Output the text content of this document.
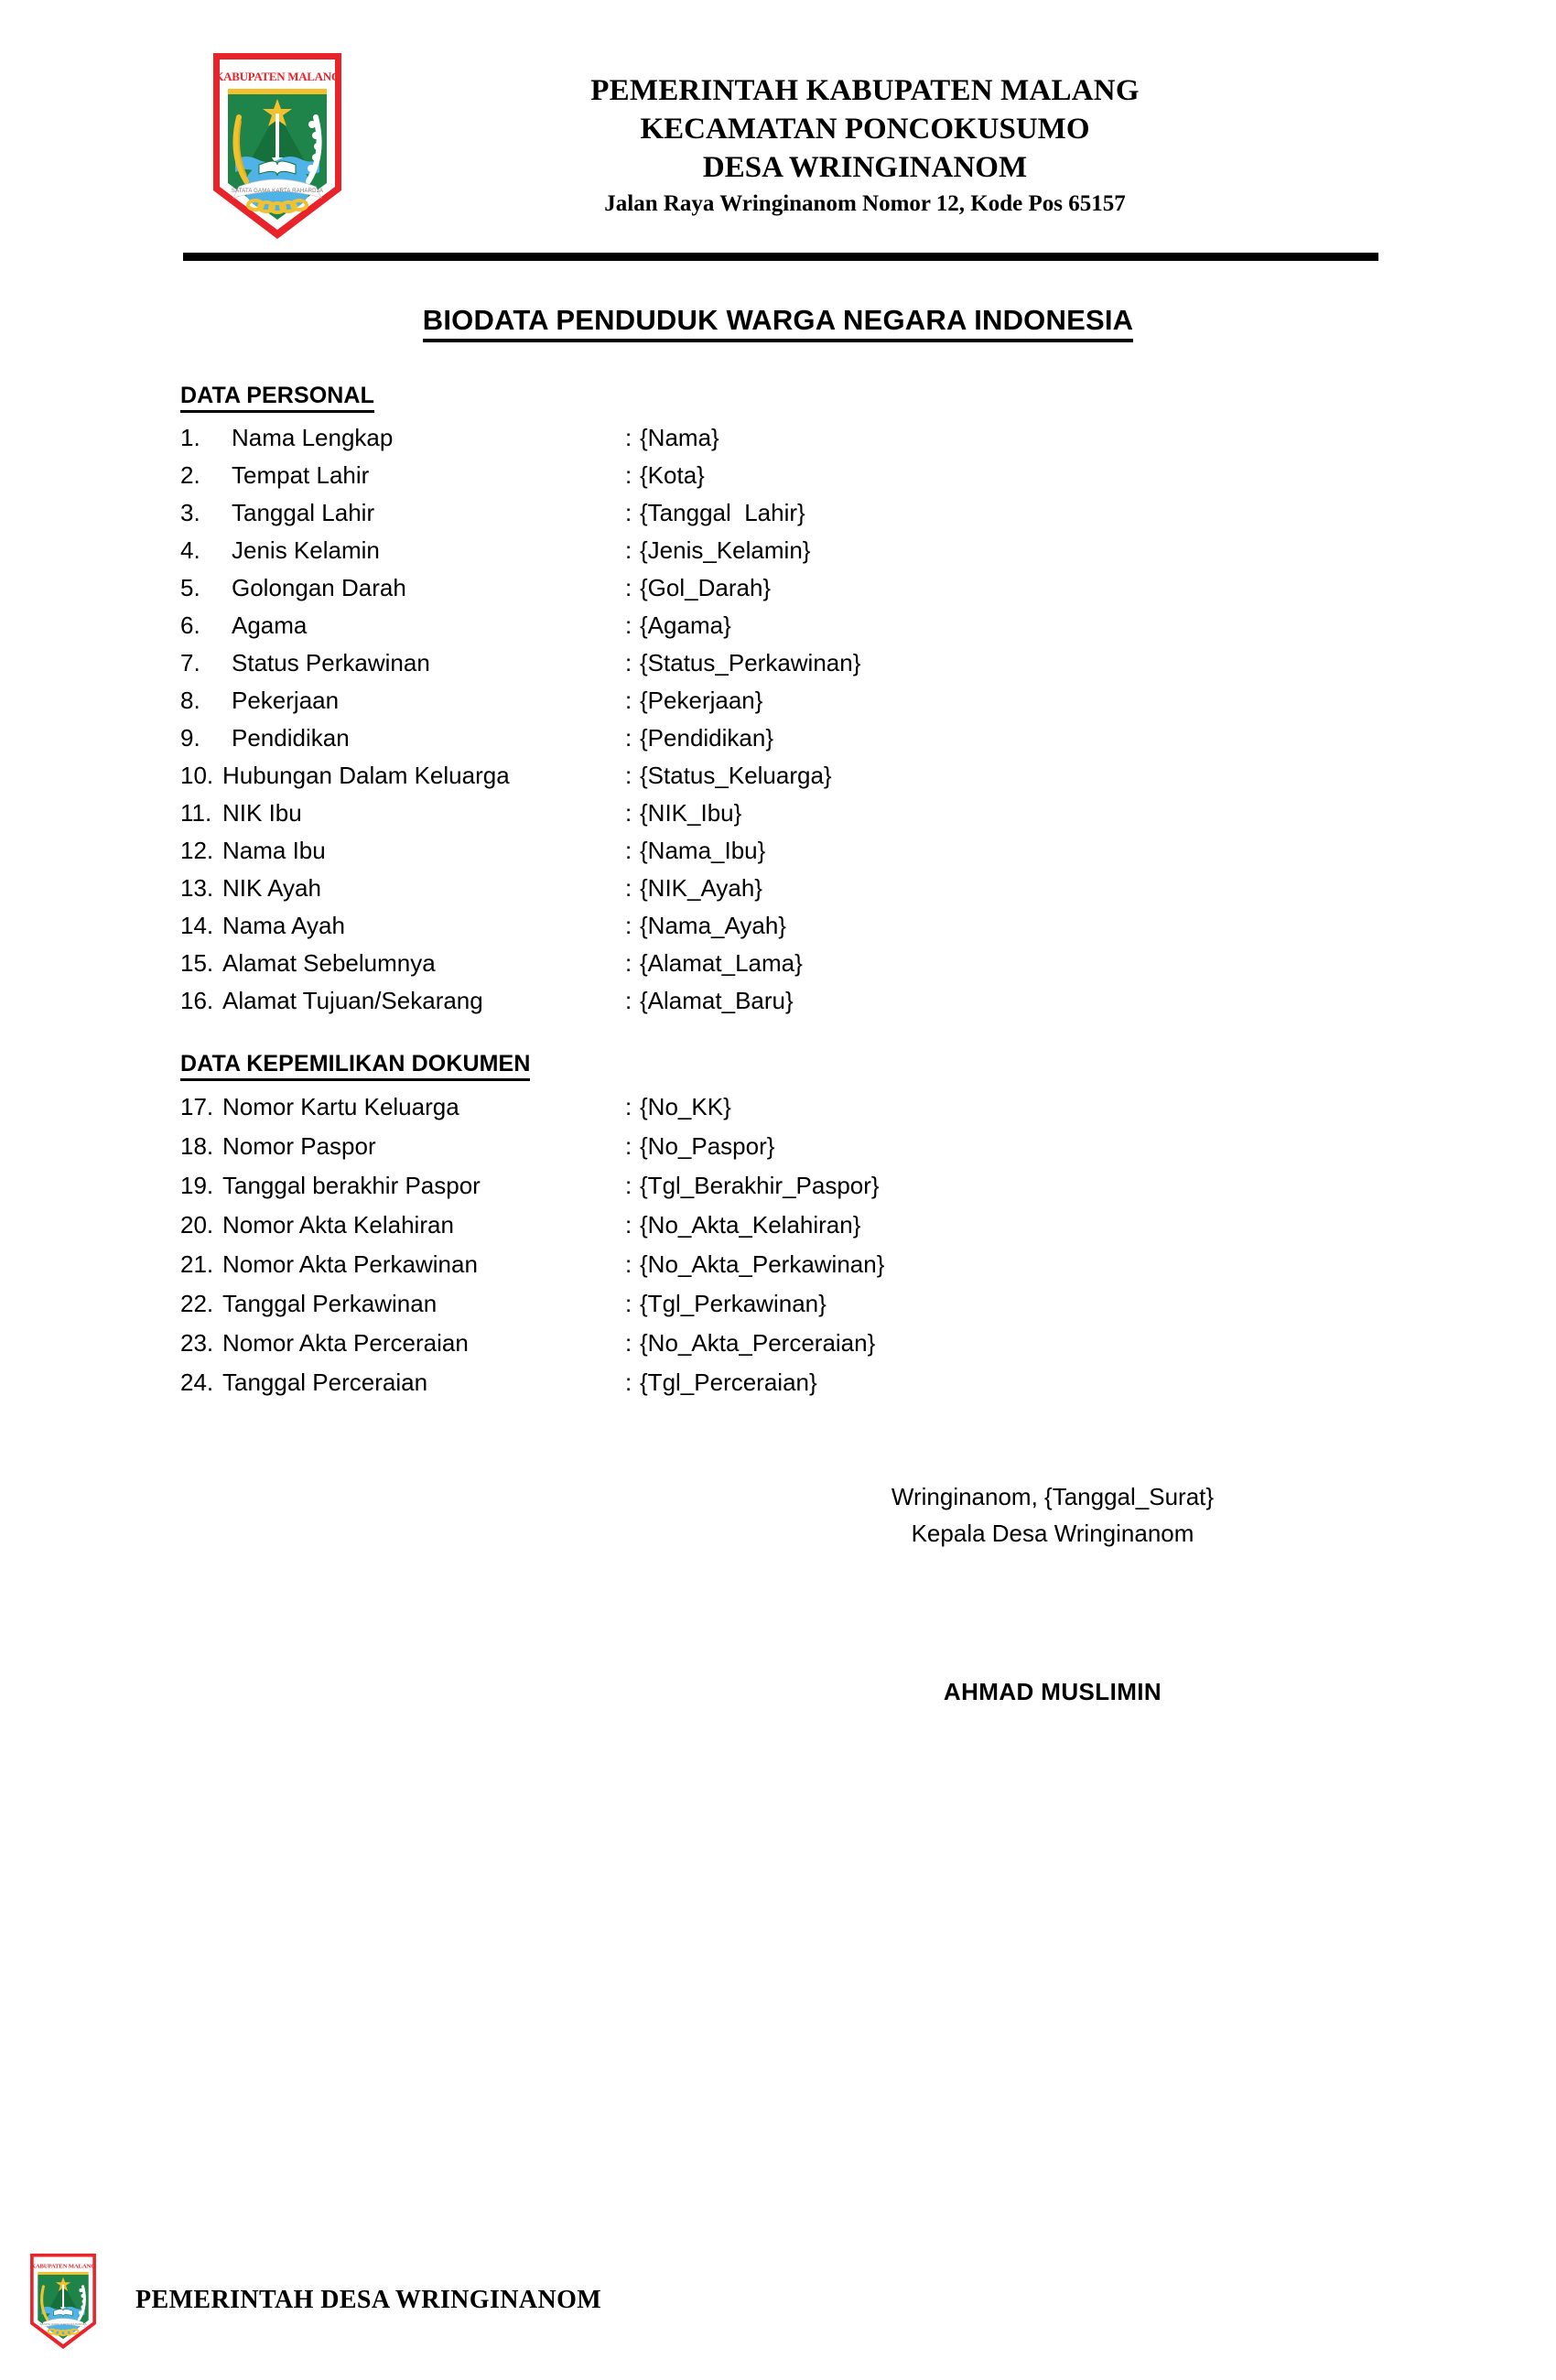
KABUPATEN MALANG
SATATA GAMA KARTA RAHARDJA
PEMERINTAH KABUPATEN MALANG
KECAMATAN PONCOKUSUMO
DESA WRINGINANOM
Jalan Raya Wringinanom Nomor 12, Kode Pos 65157
BIODATA PENDUDUK WARGA NEGARA INDONESIA
DATA PERSONAL
1.	Nama Lengkap	: {Nama}
2.	Tempat Lahir	: {Kota}
3.	Tanggal Lahir	: {Tanggal  Lahir}
4.	Jenis Kelamin	: {Jenis_Kelamin}
5.	Golongan Darah	: {Gol_Darah}
6.	Agama	: {Agama}
7.	Status Perkawinan	: {Status_Perkawinan}
8.	Pekerjaan	: {Pekerjaan}
9.	Pendidikan	: {Pendidikan}
10. Hubungan Dalam Keluarga	: {Status_Keluarga}
11. NIK Ibu	: {NIK_Ibu}
12. Nama Ibu	: {Nama_Ibu}
13. NIK Ayah	: {NIK_Ayah}
14. Nama Ayah	: {Nama_Ayah}
15. Alamat Sebelumnya	: {Alamat_Lama}
16. Alamat Tujuan/Sekarang	: {Alamat_Baru}
DATA KEPEMILIKAN DOKUMEN
17. Nomor Kartu Keluarga	: {No_KK}
18. Nomor Paspor	: {No_Paspor}
19. Tanggal berakhir Paspor	: {Tgl_Berakhir_Paspor}
20. Nomor Akta Kelahiran	: {No_Akta_Kelahiran}
21. Nomor Akta Perkawinan	: {No_Akta_Perkawinan}
22. Tanggal Perkawinan	: {Tgl_Perkawinan}
23. Nomor Akta Perceraian	: {No_Akta_Perceraian}
24. Tanggal Perceraian	: {Tgl_Perceraian}
Wringinanom, {Tanggal_Surat}
Kepala Desa Wringinanom
AHMAD MUSLIMIN
KABUPATEN MALANG
SATATA GAMA KARTA RAHARDJA
PEMERINTAH DESA WRINGINANOM
